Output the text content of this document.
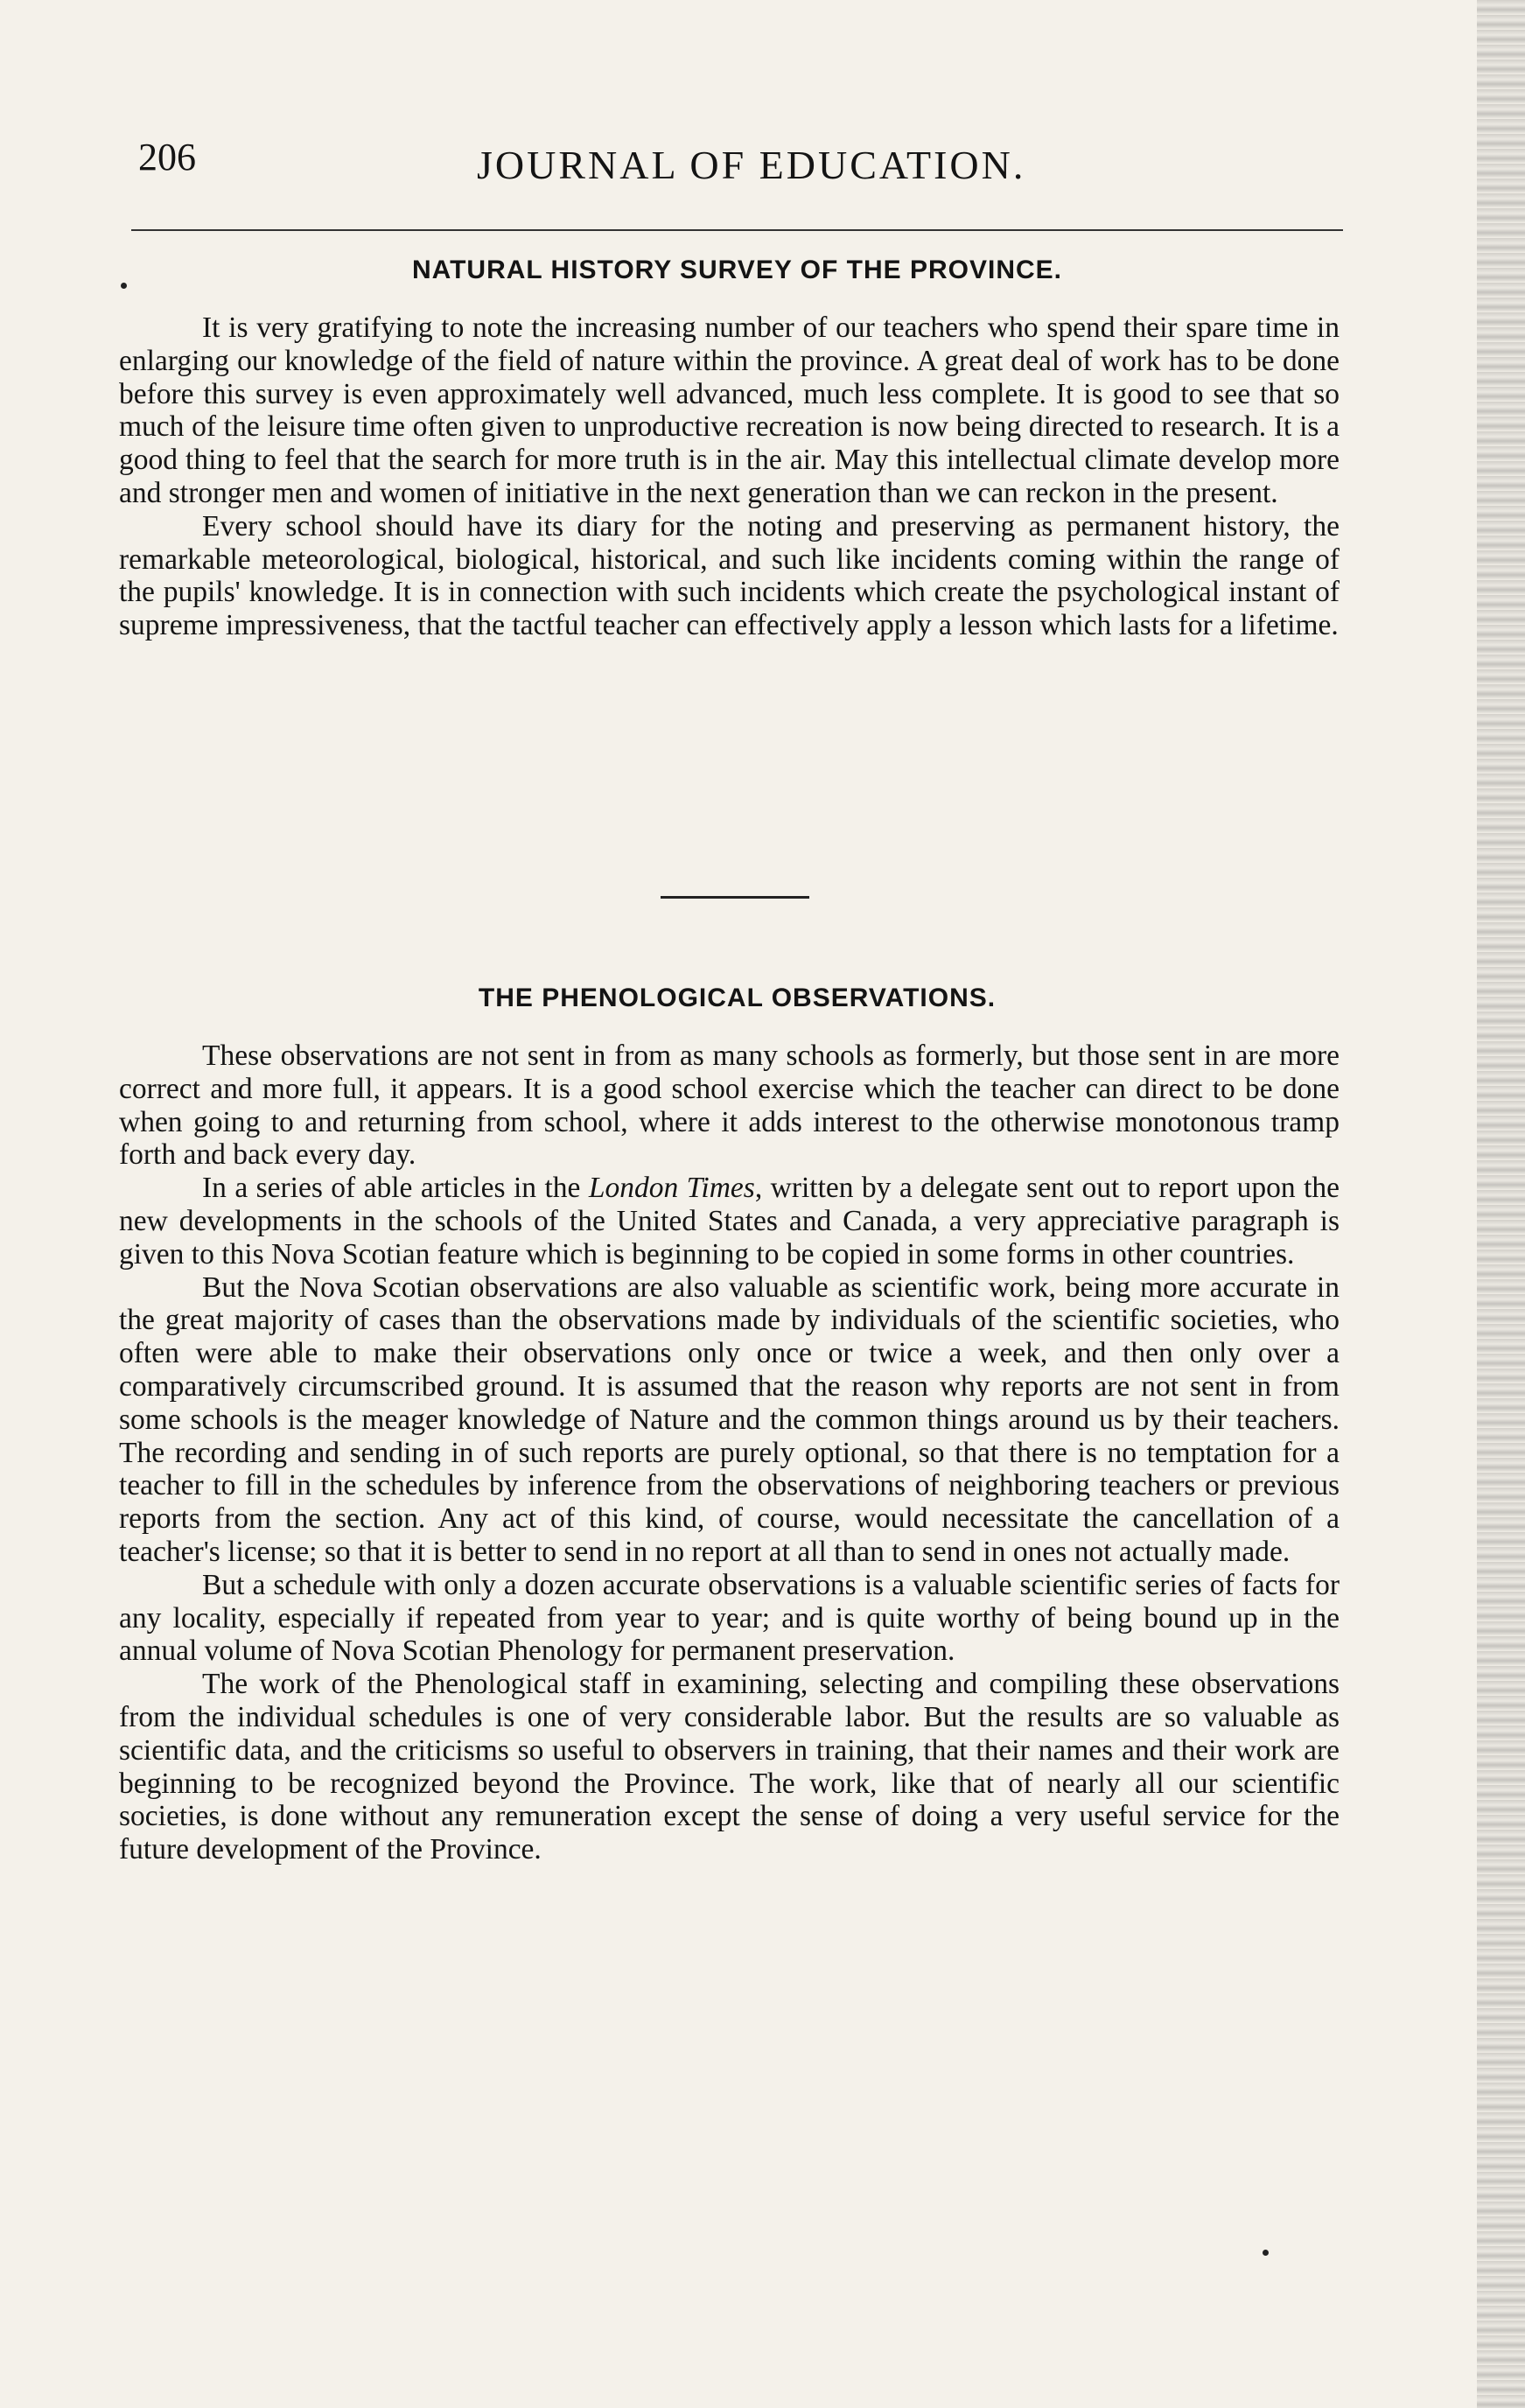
206	JOURNAL OF EDUCATION.
NATURAL HISTORY SURVEY OF THE PROVINCE.

It is very gratifying to note the increasing number of our teachers who spend their spare time in enlarging our knowledge of the field of nature within the province. A great deal of work has to be done before this survey is even approximately well advanced, much less complete. It is good to see that so much of the leisure time often given to unproductive recreation is now being directed to research. It is a good thing to feel that the search for more truth is in the air. May this intellectual climate develop more and stronger men and women of initiative in the next generation than we can reckon in the present.

Every school should have its diary for the noting and preserving as permanent history, the remarkable meteorological, biological, historical, and such like incidents coming within the range of the pupils' knowledge. It is in connection with such incidents which create the psychological instant of supreme impressiveness, that the tactful teacher can effectively apply a lesson which lasts for a lifetime.

THE PHENOLOGICAL OBSERVATIONS.

These observations are not sent in from as many schools as formerly, but those sent in are more correct and more full, it appears. It is a good school exercise which the teacher can direct to be done when going to and returning from school, where it adds interest to the otherwise monotonous tramp forth and back every day.

In a series of able articles in the London Times, written by a delegate sent out to report upon the new developments in the schools of the United States and Canada, a very appreciative paragraph is given to this Nova Scotian feature which is beginning to be copied in some forms in other countries.

But the Nova Scotian observations are also valuable as scientific work, being more accurate in the great majority of cases than the observations made by individuals of the scientific societies, who often were able to make their observations only once or twice a week, and then only over a comparatively circumscribed ground. It is assumed that the reason why reports are not sent in from some schools is the meager knowledge of Nature and the common things around us by their teachers. The recording and sending in of such reports are purely optional, so that there is no temptation for a teacher to fill in the schedules by inference from the observations of neighboring teachers or previous reports from the section. Any act of this kind, of course, would necessitate the cancellation of a teacher's license; so that it is better to send in no report at all than to send in ones not actually made.

But a schedule with only a dozen accurate observations is a valuable scientific series of facts for any locality, especially if repeated from year to year; and is quite worthy of being bound up in the annual volume of Nova Scotian Phenology for permanent preservation.

The work of the Phenological staff in examining, selecting and compiling these observations from the individual schedules is one of very considerable labor. But the results are so valuable as scientific data, and the criticisms so useful to observers in training, that their names and their work are beginning to be recognized beyond the Province. The work, like that of nearly all our scientific societies, is done without any remuneration except the sense of doing a very useful service for the future development of the Province.
